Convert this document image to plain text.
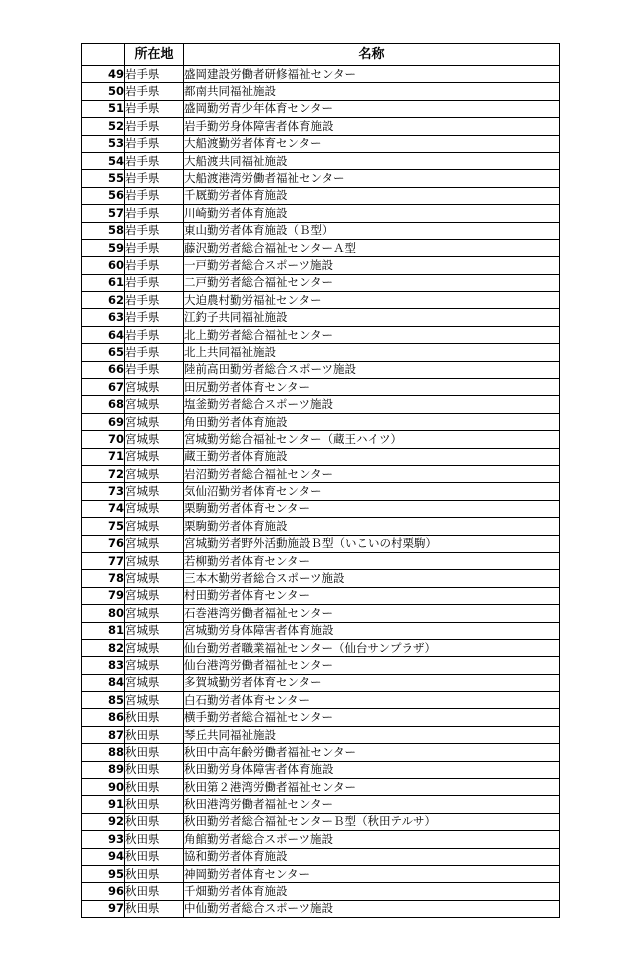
	所在地	名称
49	岩手県	盛岡建設労働者研修福祉センター
50	岩手県	都南共同福祉施設
51	岩手県	盛岡勤労青少年体育センター
52	岩手県	岩手勤労身体障害者体育施設
53	岩手県	大船渡勤労者体育センター
54	岩手県	大船渡共同福祉施設
55	岩手県	大船渡港湾労働者福祉センター
56	岩手県	千厩勤労者体育施設
57	岩手県	川崎勤労者体育施設
58	岩手県	東山勤労者体育施設（Ｂ型）
59	岩手県	藤沢勤労者総合福祉センターＡ型
60	岩手県	一戸勤労者総合スポーツ施設
61	岩手県	二戸勤労者総合福祉センター
62	岩手県	大迫農村勤労福祉センター
63	岩手県	江釣子共同福祉施設
64	岩手県	北上勤労者総合福祉センター
65	岩手県	北上共同福祉施設
66	岩手県	陸前高田勤労者総合スポーツ施設
67	宮城県	田尻勤労者体育センター
68	宮城県	塩釜勤労者総合スポーツ施設
69	宮城県	角田勤労者体育施設
70	宮城県	宮城勤労総合福祉センター（蔵王ハイツ）
71	宮城県	蔵王勤労者体育施設
72	宮城県	岩沼勤労者総合福祉センター
73	宮城県	気仙沼勤労者体育センター
74	宮城県	栗駒勤労者体育センター
75	宮城県	栗駒勤労者体育施設
76	宮城県	宮城勤労者野外活動施設Ｂ型（いこいの村栗駒）
77	宮城県	若柳勤労者体育センター
78	宮城県	三本木勤労者総合スポーツ施設
79	宮城県	村田勤労者体育センター
80	宮城県	石巻港湾労働者福祉センター
81	宮城県	宮城勤労身体障害者体育施設
82	宮城県	仙台勤労者職業福祉センター（仙台サンプラザ）
83	宮城県	仙台港湾労働者福祉センター
84	宮城県	多賀城勤労者体育センター
85	宮城県	白石勤労者体育センター
86	秋田県	横手勤労者総合福祉センター
87	秋田県	琴丘共同福祉施設
88	秋田県	秋田中高年齢労働者福祉センター
89	秋田県	秋田勤労身体障害者体育施設
90	秋田県	秋田第２港湾労働者福祉センター
91	秋田県	秋田港湾労働者福祉センター
92	秋田県	秋田勤労者総合福祉センターＢ型（秋田テルサ）
93	秋田県	角館勤労者総合スポーツ施設
94	秋田県	協和勤労者体育施設
95	秋田県	神岡勤労者体育センター
96	秋田県	千畑勤労者体育施設
97	秋田県	中仙勤労者総合スポーツ施設
